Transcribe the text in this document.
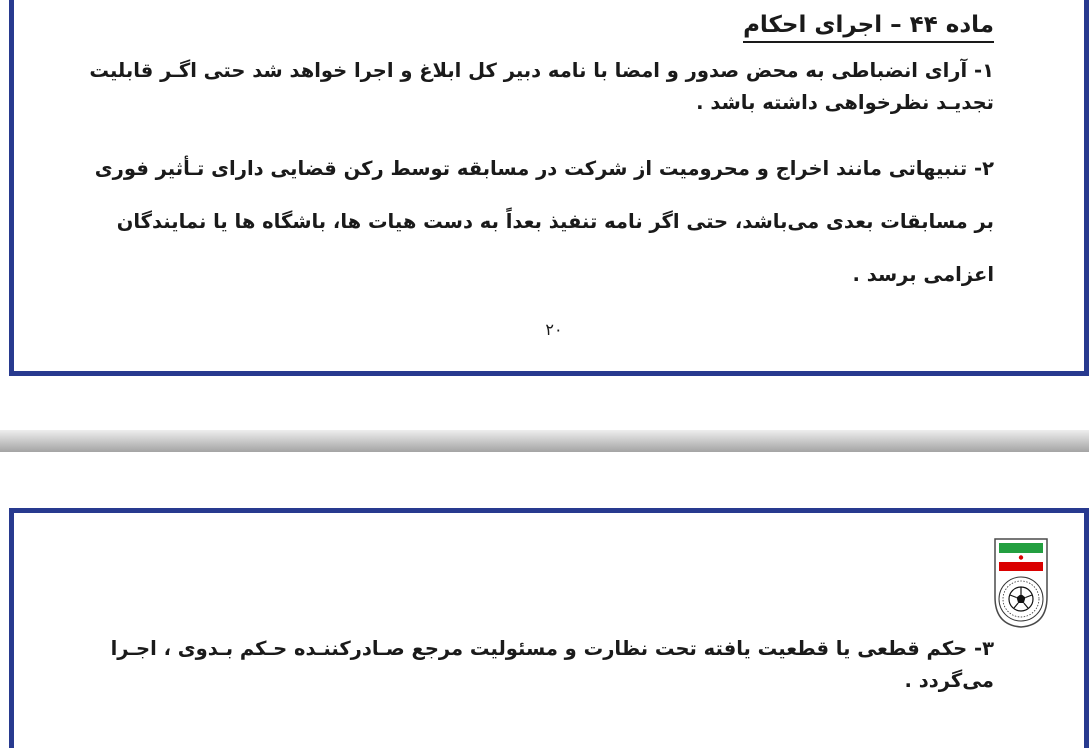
ماده ۴۴ – اجرای احکام

۱- آرای انضباطی به محض صدور و امضا با نامه دبیر کل ابلاغ و اجرا خواهد شد حتی اگـر قابلیت
تجدیـد نظرخواهی داشته باشد .

۲- تنبیهاتی مانند اخراج و محرومیت از شرکت در مسابقه توسط رکن قضایی دارای تـأثیر فوری
بر مسابقات بعدی می‌باشد، حتی اگر نامه تنفیذ بعداً به دست هیات ها، باشگاه ها یا نمایندگان
اعزامی برسد .

۲۰

۳- حکم قطعی یا قطعیت یافته تحت نظارت و مسئولیت مرجع صـادرکننـده حـکم بـدوی ، اجـرا
می‌گردد .
